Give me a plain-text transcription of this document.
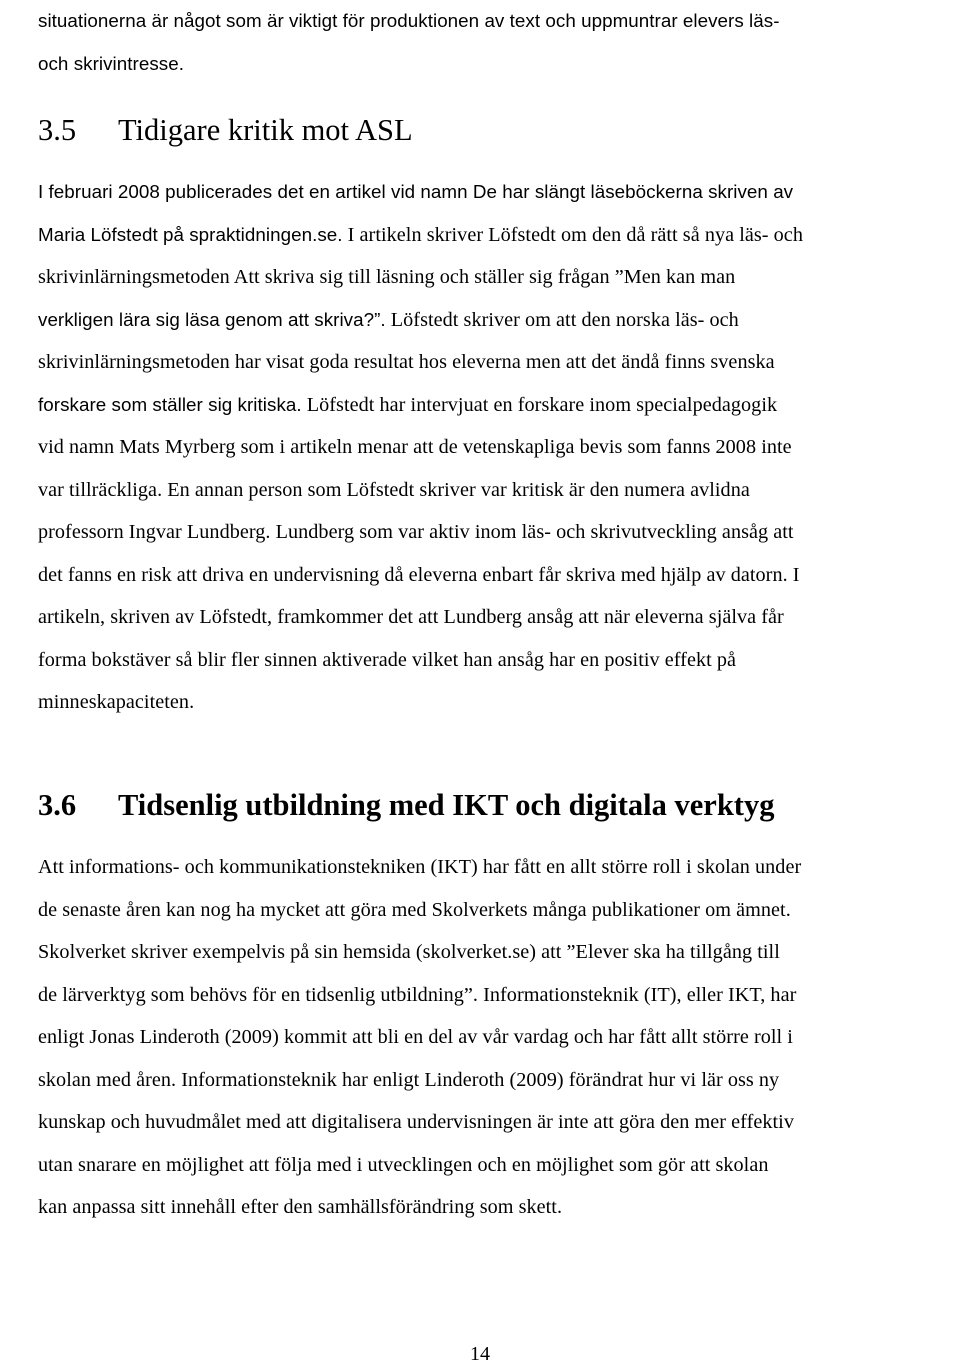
situationerna är något som är viktigt för produktionen av text och uppmuntrar elevers läs-
och skrivintresse.
3.5 Tidigare kritik mot ASL
I februari 2008 publicerades det en artikel vid namn De har slängt läseböckerna skriven av
Maria Löfstedt på spraktidningen.se. I artikeln skriver Löfstedt om den då rätt så nya läs- och
skrivinlärningsmetoden Att skriva sig till läsning och ställer sig frågan ”Men kan man
verkligen lära sig läsa genom att skriva?”. Löfstedt skriver om att den norska läs- och
skrivinlärningsmetoden har visat goda resultat hos eleverna men att det ändå finns svenska
forskare som ställer sig kritiska. Löfstedt har intervjuat en forskare inom specialpedagogik
vid namn Mats Myrberg som i artikeln menar att de vetenskapliga bevis som fanns 2008 inte
var tillräckliga. En annan person som Löfstedt skriver var kritisk är den numera avlidna
professorn Ingvar Lundberg. Lundberg som var aktiv inom läs- och skrivutveckling ansåg att
det fanns en risk att driva en undervisning då eleverna enbart får skriva med hjälp av datorn. I
artikeln, skriven av Löfstedt, framkommer det att Lundberg ansåg att när eleverna själva får
forma bokstäver så blir fler sinnen aktiverade vilket han ansåg har en positiv effekt på
minneskapaciteten.
3.6 Tidsenlig utbildning med IKT och digitala verktyg
Att informations- och kommunikationstekniken (IKT) har fått en allt större roll i skolan under
de senaste åren kan nog ha mycket att göra med Skolverkets många publikationer om ämnet.
Skolverket skriver exempelvis på sin hemsida (skolverket.se) att ”Elever ska ha tillgång till
de lärverktyg som behövs för en tidsenlig utbildning”. Informationsteknik (IT), eller IKT, har
enligt Jonas Linderoth (2009) kommit att bli en del av vår vardag och har fått allt större roll i
skolan med åren. Informationsteknik har enligt Linderoth (2009) förändrat hur vi lär oss ny
kunskap och huvudmålet med att digitalisera undervisningen är inte att göra den mer effektiv
utan snarare en möjlighet att följa med i utvecklingen och en möjlighet som gör att skolan
kan anpassa sitt innehåll efter den samhällsförändring som skett.
14
